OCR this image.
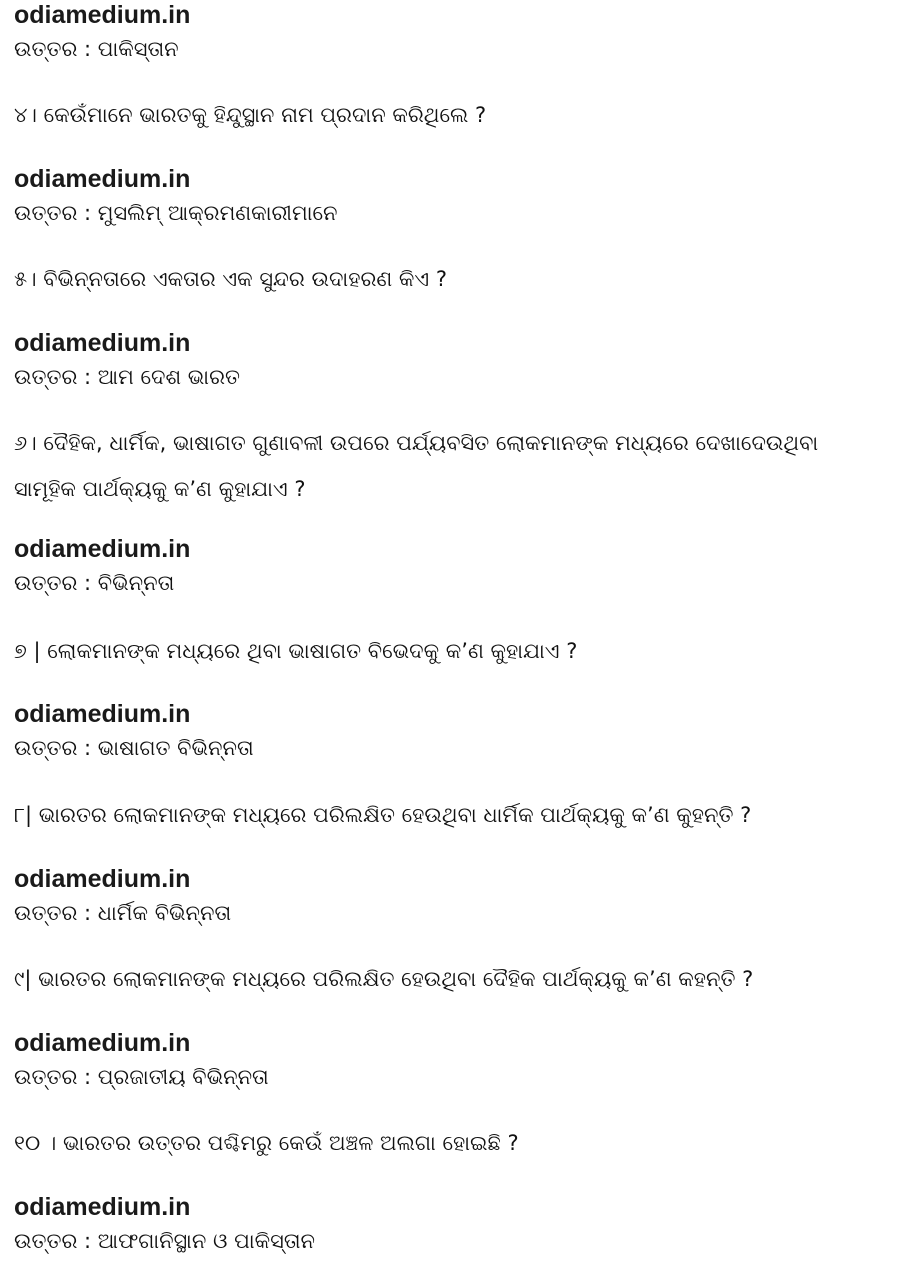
odiamedium.in
ଉତ୍ତର : ପାକିସ୍ତାନ
୪। କେଉଁମାନେ ଭାରତକୁ ହିନ୍ଦୁସ୍ଥାନ ନାମ ପ୍ରଦାନ କରିଥିଲେ ?
odiamedium.in
ଉତ୍ତର : ମୁସଲିମ୍ ଆକ୍ରମଣକାରୀମାନେ
୫। ବିଭିନ୍ନତାରେ ଏକତାର ଏକ ସୁନ୍ଦର ଉଦାହରଣ କିଏ ?
odiamedium.in
ଉତ୍ତର : ଆମ ଦେଶ ଭାରତ
୬। ଦୈହିକ, ଧାର୍ମିକ, ଭାଷାଗତ ଗୁଣାବଳୀ ଉପରେ ପର୍ଯ୍ୟବସିତ ଲୋକମାନଙ୍କ ମଧ୍ୟରେ ଦେଖାଦେଉଥିବା
ସାମୂହିକ ପାର୍ଥକ୍ୟକୁ କ’ଣ କୁହାଯାଏ ?
odiamedium.in
ଉତ୍ତର : ବିଭିନ୍ନତା
୭ | ଲୋକମାନଙ୍କ ମଧ୍ୟରେ ଥିବା ଭାଷାଗତ ବିଭେଦକୁ କ’ଣ କୁହାଯାଏ ?
odiamedium.in
ଉତ୍ତର : ଭାଷାଗତ ବିଭିନ୍ନତା
୮| ଭାରତର ଲୋକମାନଙ୍କ ମଧ୍ୟରେ ପରିଲକ୍ଷିତ ହେଉଥିବା ଧାର୍ମିକ ପାର୍ଥକ୍ୟକୁ କ’ଣ କୁହନ୍ତି ?
odiamedium.in
ଉତ୍ତର : ଧାର୍ମିକ ବିଭିନ୍ନତା
୯| ଭାରତର ଲୋକମାନଙ୍କ ମଧ୍ୟରେ ପରିଲକ୍ଷିତ ହେଉଥିବା ଦୈହିକ ପାର୍ଥକ୍ୟକୁ କ’ଣ କହନ୍ତି ?
odiamedium.in
ଉତ୍ତର : ପ୍ରଜାତୀୟ ବିଭିନ୍ନତା
୧୦ । ଭାରତର ଉତ୍ତର ପଶ୍ଚିମରୁ କେଉଁ ଅଞ୍ଚଳ ଅଲଗା ହୋଇଛି ?
odiamedium.in
ଉତ୍ତର : ଆଫଗାନିସ୍ଥାନ ଓ ପାକିସ୍ତାନ
